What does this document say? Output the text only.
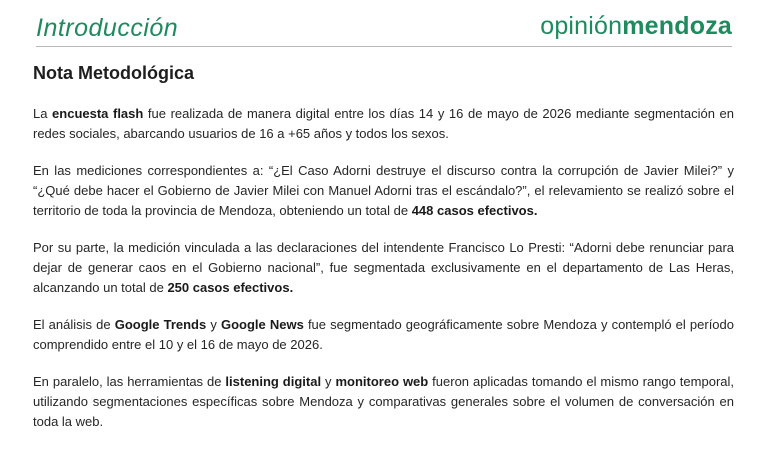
Introducción	opiniónmendoza
Nota Metodológica

La encuesta flash fue realizada de manera digital entre los días 14 y 16 de mayo de 2026 mediante segmentación en redes sociales, abarcando usuarios de 16 a +65 años y todos los sexos.

En las mediciones correspondientes a: “¿El Caso Adorni destruye el discurso contra la corrupción de Javier Milei?” y “¿Qué debe hacer el Gobierno de Javier Milei con Manuel Adorni tras el escándalo?”, el relevamiento se realizó sobre el territorio de toda la provincia de Mendoza, obteniendo un total de 448 casos efectivos.

Por su parte, la medición vinculada a las declaraciones del intendente Francisco Lo Presti: “Adorni debe renunciar para dejar de generar caos en el Gobierno nacional”, fue segmentada exclusivamente en el departamento de Las Heras, alcanzando un total de 250 casos efectivos.

El análisis de Google Trends y Google News fue segmentado geográficamente sobre Mendoza y contempló el período comprendido entre el 10 y el 16 de mayo de 2026.

En paralelo, las herramientas de listening digital y monitoreo web fueron aplicadas tomando el mismo rango temporal, utilizando segmentaciones específicas sobre Mendoza y comparativas generales sobre el volumen de conversación en toda la web.
